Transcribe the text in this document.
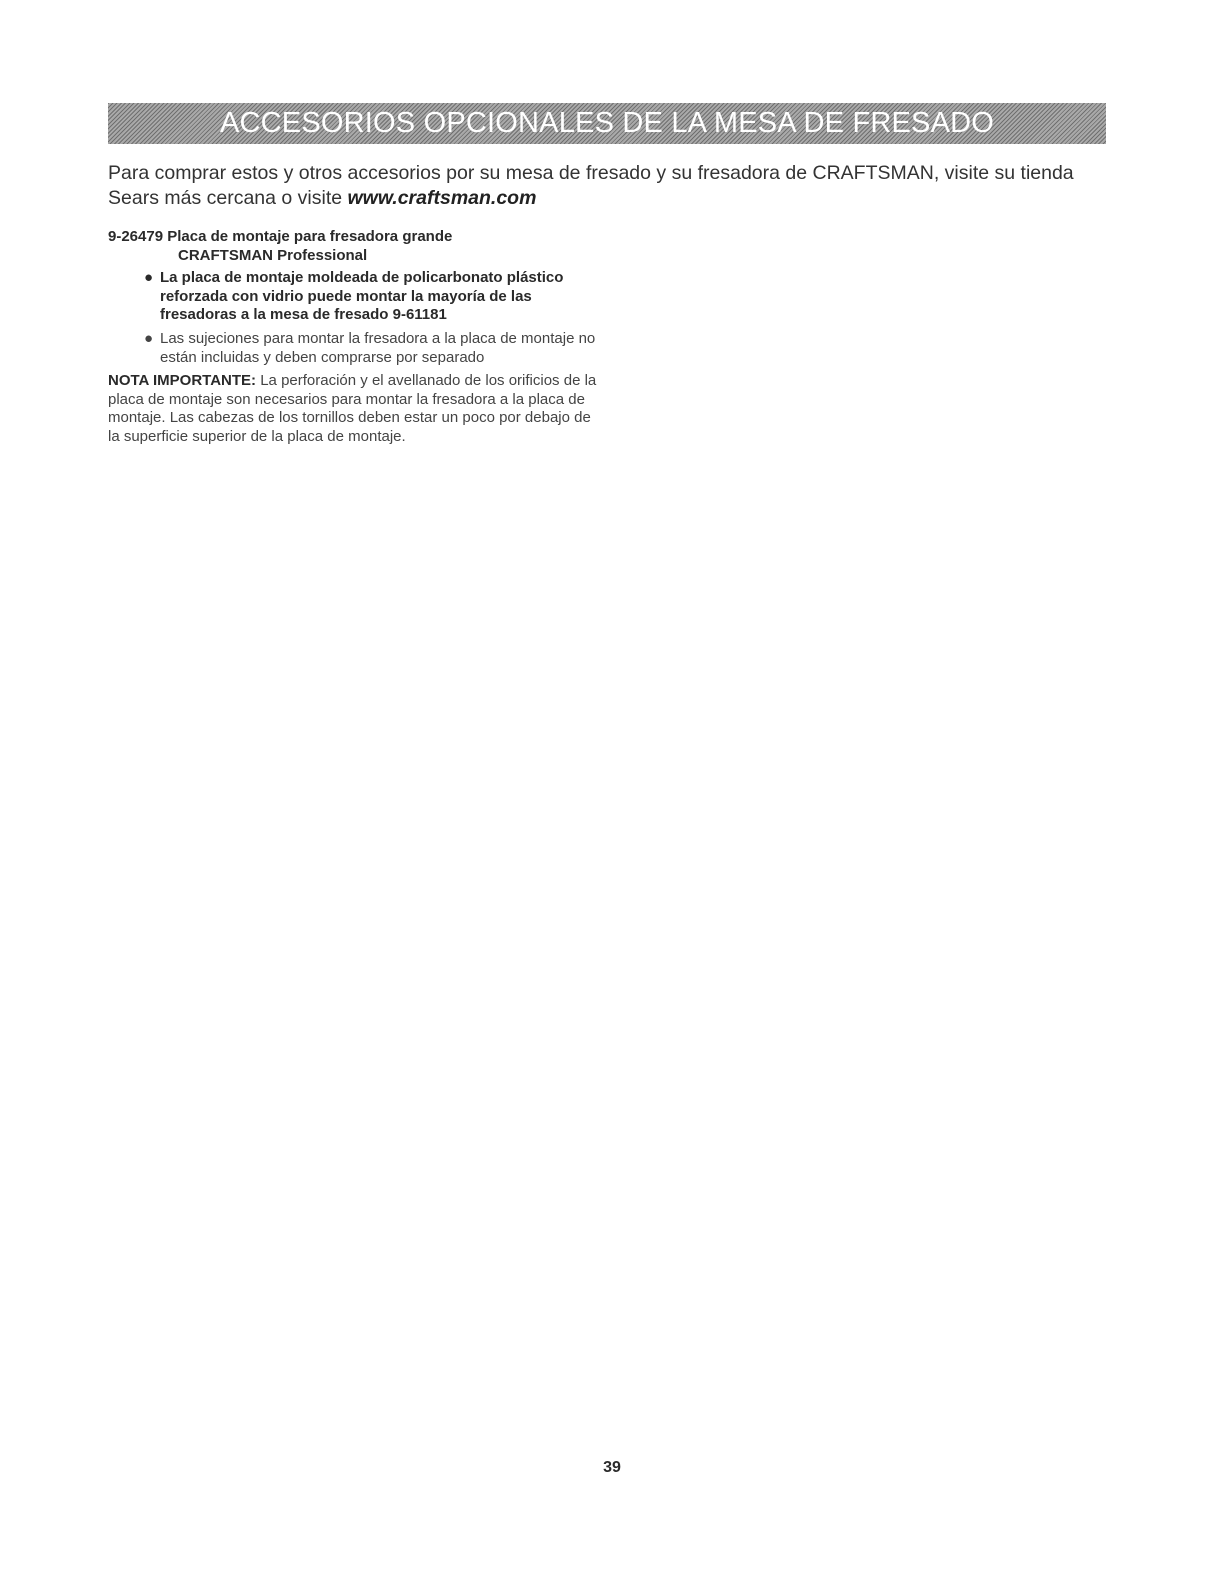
ACCESORIOS OPCIONALES DE LA MESA DE FRESADO
Para comprar estos y otros accesorios por su mesa de fresado y su fresadora de CRAFTSMAN, visite su tienda Sears más cercana o visite www.craftsman.com
9-26479 Placa de montaje para fresadora grande
CRAFTSMAN Professional
● La placa de montaje moldeada de policarbonato plástico reforzada con vidrio puede montar la mayoría de las fresadoras a la mesa de fresado 9-61181
● Las sujeciones para montar la fresadora a la placa de montaje no están incluidas y deben comprarse por separado
NOTA IMPORTANTE: La perforación y el avellanado de los orificios de la placa de montaje son necesarios para montar la fresadora a la placa de montaje. Las cabezas de los tornillos deben estar un poco por debajo de la superficie superior de la placa de montaje.
39
